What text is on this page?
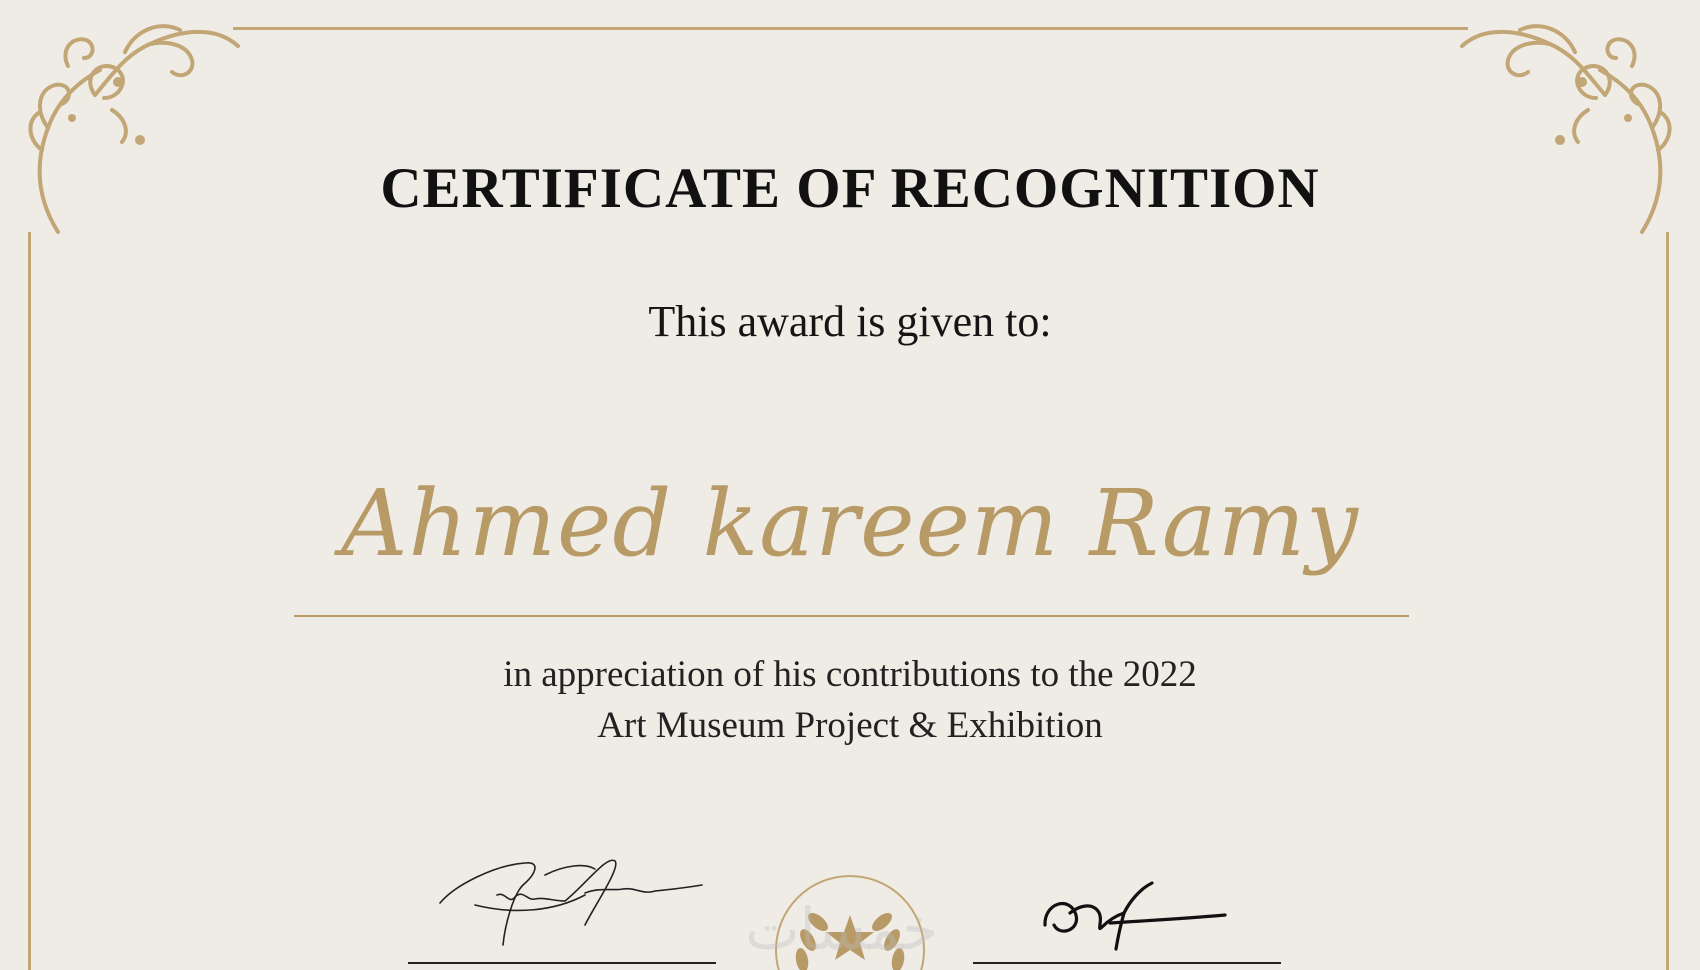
CERTIFICATE OF RECOGNITION

This award is given to:

Ahmed kareem Ramy

in appreciation of his contributions to the 2022
Art Museum Project & Exhibition

خمسات
